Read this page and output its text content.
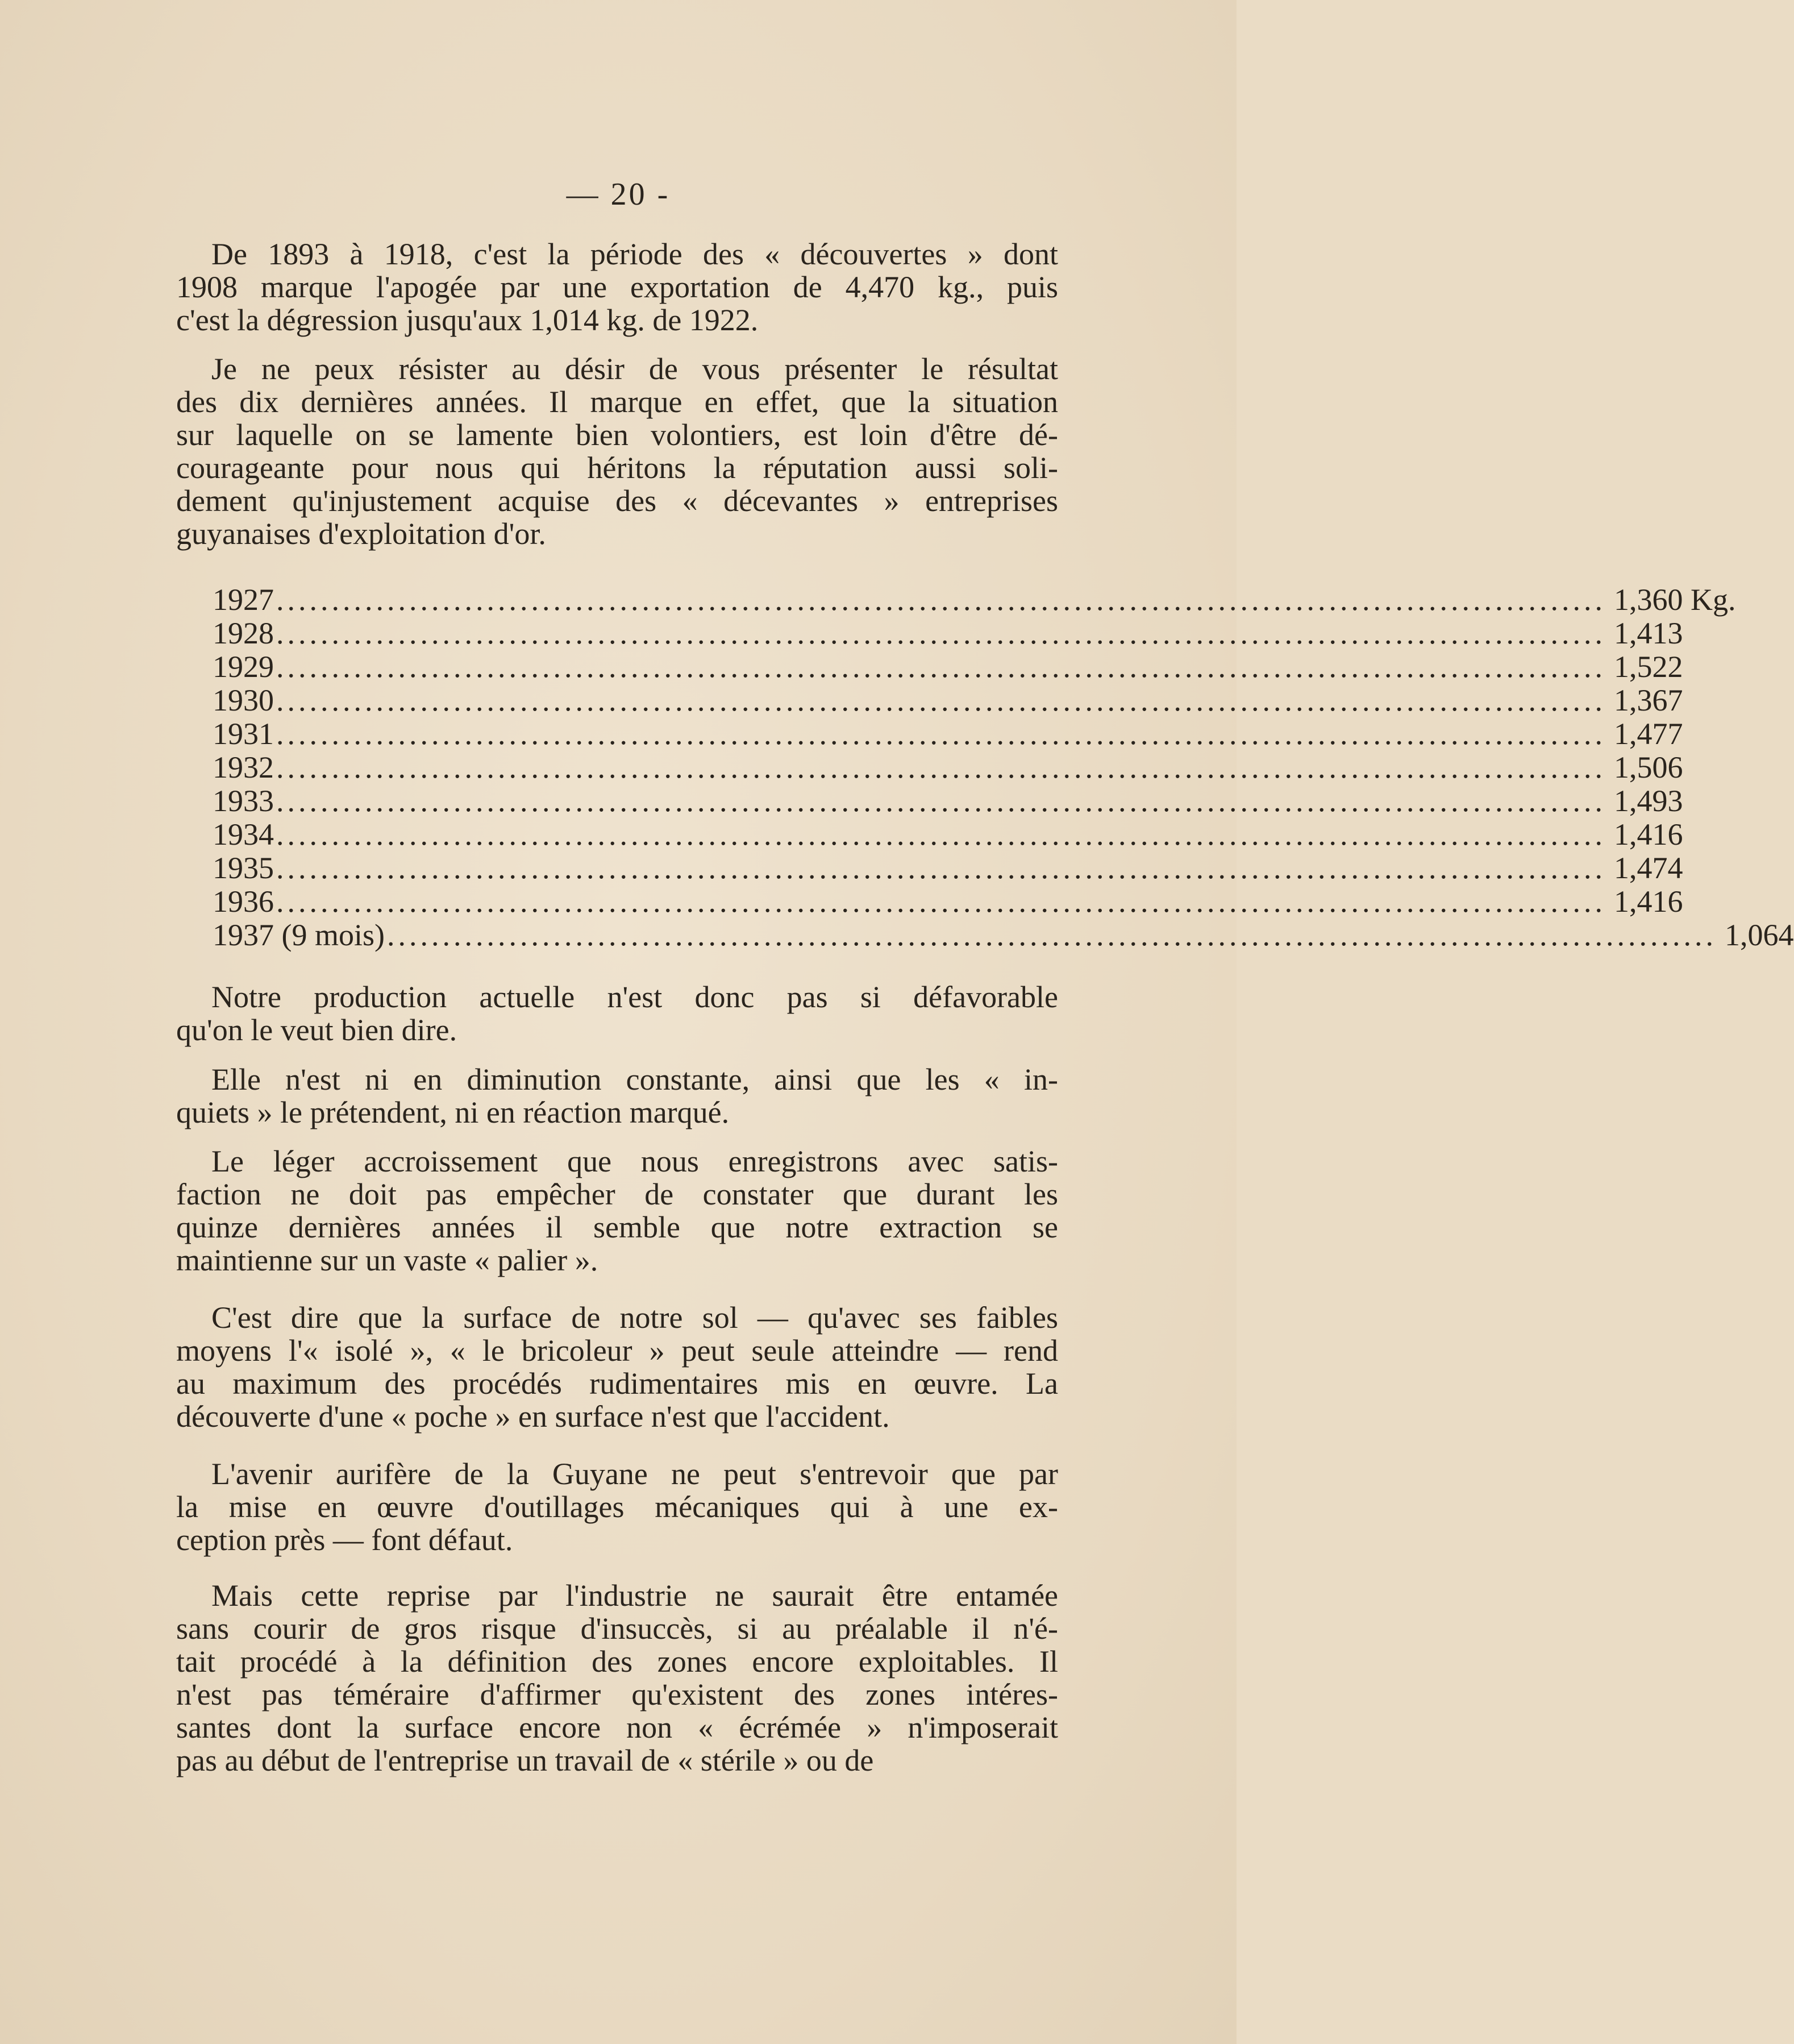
— 20 -
De 1893 à 1918, c'est la période des « découvertes » dont
1908 marque l'apogée par une exportation de 4,470 kg., puis
c'est la dégression jusqu'aux 1,014 kg. de 1922.
Je ne peux résister au désir de vous présenter le résultat
des dix dernières années. Il marque en effet, que la situation
sur laquelle on se lamente bien volontiers, est loin d'être dé-
courageante pour nous qui héritons la réputation aussi soli-
dement qu'injustement acquise des « décevantes » entreprises
guyanaises d'exploitation d'or.
Notre production actuelle n'est donc pas si défavorable
qu'on le veut bien dire.
Elle n'est ni en diminution constante, ainsi que les « in-
quiets » le prétendent, ni en réaction marqué.
Le léger accroissement que nous enregistrons avec satis-
faction ne doit pas empêcher de constater que durant les
quinze dernières années il semble que notre extraction se
maintienne sur un vaste « palier ».
C'est dire que la surface de notre sol — qu'avec ses faibles
moyens l'« isolé », « le bricoleur » peut seule atteindre — rend
au maximum des procédés rudimentaires mis en œuvre. La
découverte d'une « poche » en surface n'est que l'accident.
L'avenir aurifère de la Guyane ne peut s'entrevoir que par
la mise en œuvre d'outillages mécaniques qui à une ex-
ception près — font défaut.
Mais cette reprise par l'industrie ne saurait être entamée
sans courir de gros risque d'insuccès, si au préalable il n'é-
tait procédé à la définition des zones encore exploitables. Il
n'est pas téméraire d'affirmer qu'existent des zones intéres-
santes dont la surface encore non « écrémée » n'imposerait
pas au début de l'entreprise un travail de « stérile » ou de
1927 ........................................................................................................................ 1,360 Kg.
1928 ........................................................................................................................ 1,413
1929 ........................................................................................................................ 1,522
1930 ........................................................................................................................ 1,367
1931 ........................................................................................................................ 1,477
1932 ........................................................................................................................ 1,506
1933 ........................................................................................................................ 1,493
1934 ........................................................................................................................ 1,416
1935 ........................................................................................................................ 1,474
1936 ........................................................................................................................ 1,416
1937 (9 mois) ........................................................................................................................ 1,064
